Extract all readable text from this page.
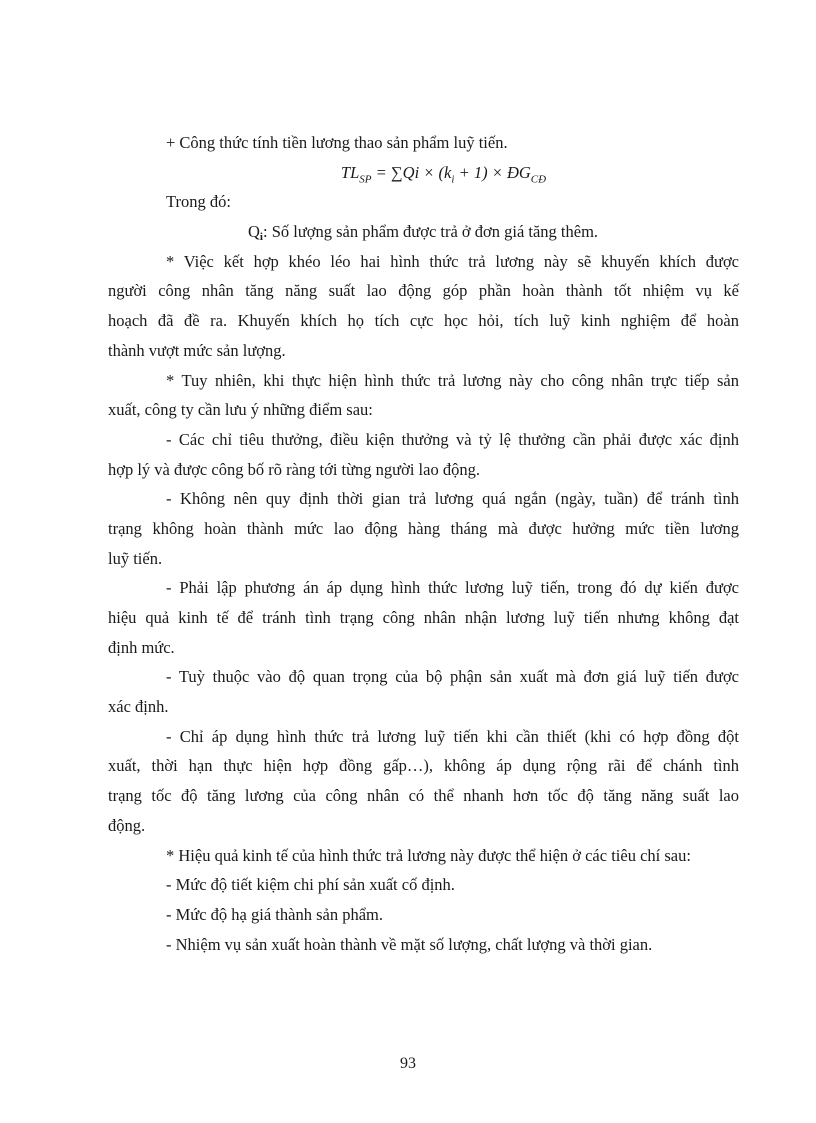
+ Công thức tính tiền lương thao sản phẩm luỹ tiến.
$TL_{SP} = \sum Qi \times (k_i + 1)$ × $ĐG_{CĐ}$
Trong đó:
Qi: Số lượng sản phẩm được trả ở đơn giá tăng thêm.
* Việc kết hợp khéo léo hai hình thức trả lương này sẽ khuyến khích được
người công nhân tăng năng suất lao động góp phần hoàn thành tốt nhiệm vụ kế
hoạch đã đề ra. Khuyến khích họ tích cực học hỏi, tích luỹ kinh nghiệm để hoàn
thành vượt mức sản lượng.
* Tuy nhiên, khi thực hiện hình thức trả lương này cho công nhân trực tiếp sản
xuất, công ty cần lưu ý những điểm sau:
- Các chỉ tiêu thưởng, điều kiện thưởng và tỷ lệ thưởng cần phải được xác định
hợp lý và được công bố rõ ràng tới từng người lao động.
- Không nên quy định thời gian trả lương quá ngắn (ngày, tuần) để tránh tình
trạng không hoàn thành mức lao động hàng tháng mà được hưởng mức tiền lương
luỹ tiến.
- Phải lập phương án áp dụng hình thức lương luỹ tiến, trong đó dự kiến được
hiệu quả kinh tế để tránh tình trạng công nhân nhận lương luỹ tiến nhưng không đạt
định mức.
- Tuỳ thuộc vào độ quan trọng của bộ phận sản xuất mà đơn giá luỹ tiến được
xác định.
- Chỉ áp dụng hình thức trả lương luỹ tiến khi cần thiết (khi có hợp đồng đột
xuất, thời hạn thực hiện hợp đồng gấp…), không áp dụng rộng rãi để chánh tình
trạng tốc độ tăng lương của công nhân có thể nhanh hơn tốc độ tăng năng suất lao
động.
* Hiệu quả kinh tế của hình thức trả lương này được thể hiện ở các tiêu chí sau:
- Mức độ tiết kiệm chi phí sản xuất cố định.
- Mức độ hạ giá thành sản phẩm.
- Nhiệm vụ sản xuất hoàn thành về mặt số lượng, chất lượng và thời gian.
93
